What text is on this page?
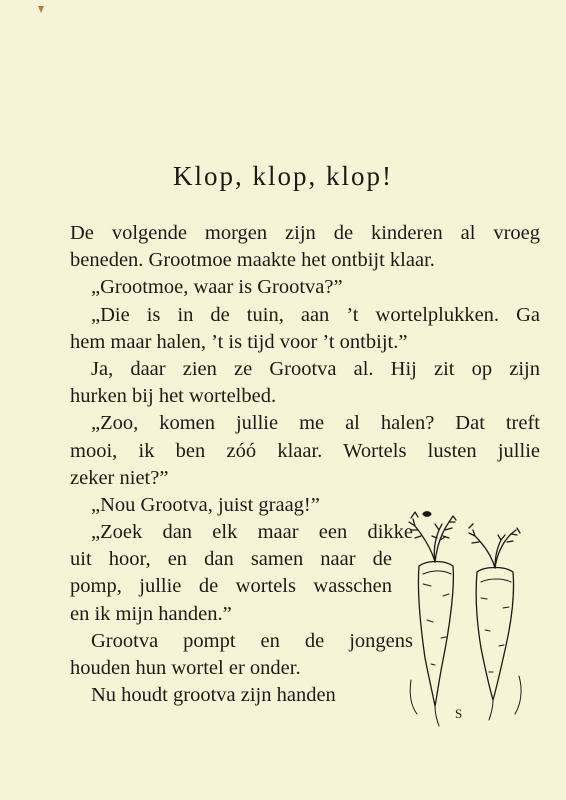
Klop, klop, klop!
De volgende morgen zijn de kinderen al vroeg
beneden. Grootmoe maakte het ontbijt klaar.
„Grootmoe, waar is Grootva?”
„Die is in de tuin, aan ’t wortelplukken. Ga
hem maar halen, ’t is tijd voor ’t ontbijt.”
Ja, daar zien ze Grootva al. Hij zit op zijn
hurken bij het wortelbed.
„Zoo, komen jullie me al halen? Dat treft
mooi, ik ben zóó klaar. Wortels lusten jullie
zeker niet?”
„Nou Grootva, juist graag!”
„Zoek dan elk maar een dikke
uit hoor, en dan samen naar de
pomp, jullie de wortels wasschen
en ik mijn handen.”
Grootva pompt en de jongens
houden hun wortel er onder.
Nu houdt grootva zijn handen
S
